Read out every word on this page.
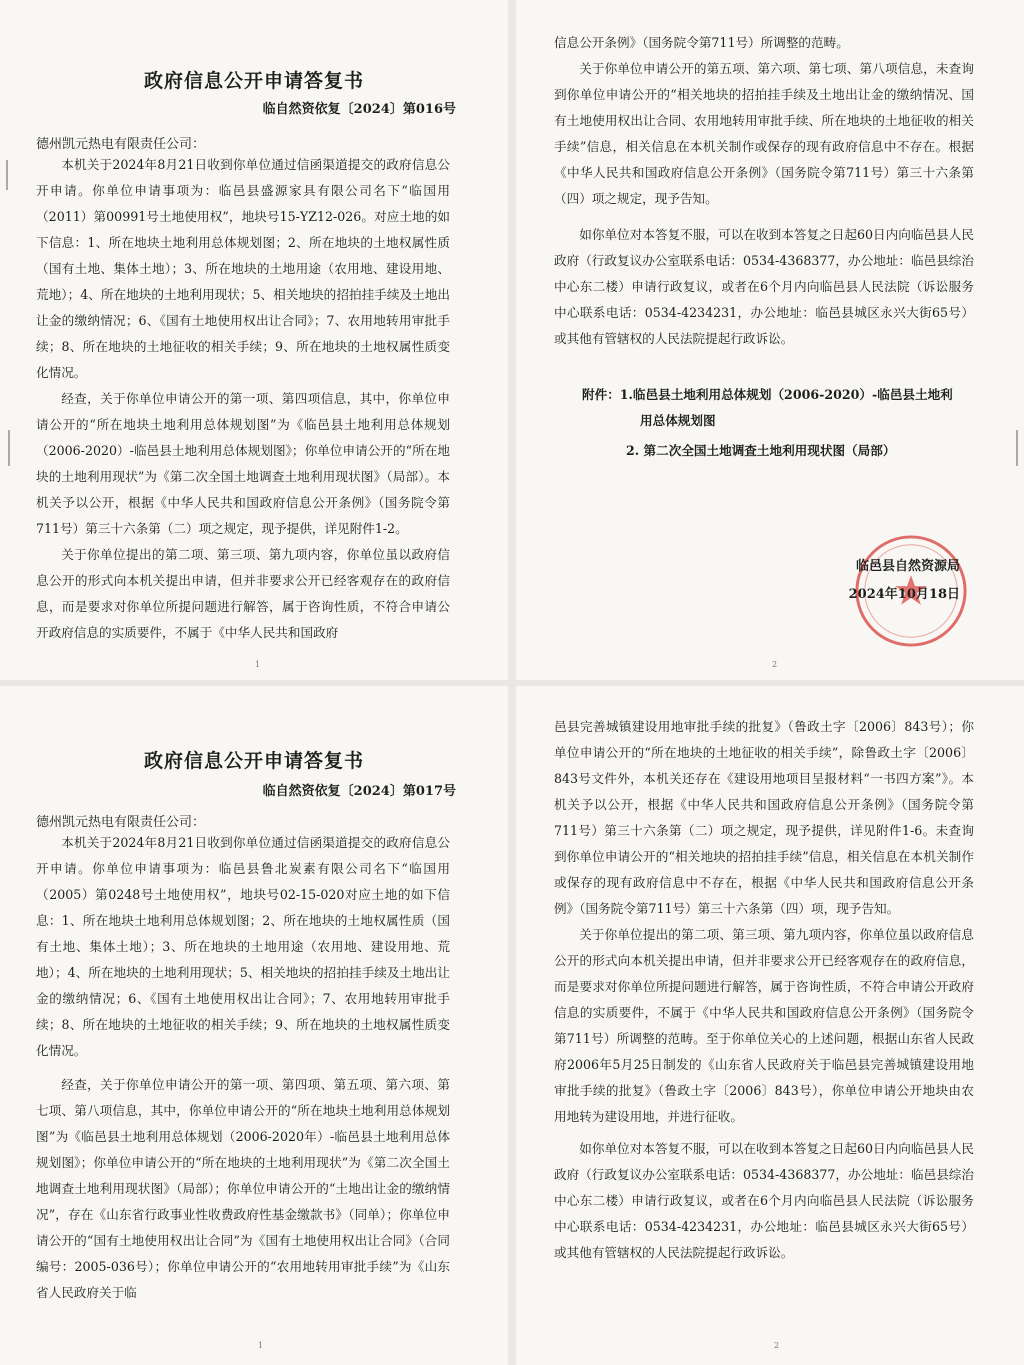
政府信息公开申请答复书
临自然资依复〔2024〕第016号
德州凯元热电有限责任公司：

本机关于2024年8月21日收到你单位通过信函渠道提交的政府信息公开申请。你单位申请事项为：临邑县盛源家具有限公司名下“临国用（2011）第00991号土地使用权”，地块号15-YZ12-026。对应土地的如下信息：1、所在地块土地利用总体规划图；2、所在地块的土地权属性质（国有土地、集体土地）；3、所在地块的土地用途（农用地、建设用地、荒地）；4、所在地块的土地利用现状；5、相关地块的招拍挂手续及土地出让金的缴纳情况；6、《国有土地使用权出让合同》；7、农用地转用审批手续；8、所在地块的土地征收的相关手续；9、所在地块的土地权属性质变化情况。

经查，关于你单位申请公开的第一项、第四项信息，其中，你单位申请公开的“所在地块土地利用总体规划图”为《临邑县土地利用总体规划（2006-2020）-临邑县土地利用总体规划图》；你单位申请公开的“所在地块的土地利用现状”为《第二次全国土地调查土地利用现状图》（局部）。本机关予以公开，根据《中华人民共和国政府信息公开条例》（国务院令第711号）第三十六条第（二）项之规定，现予提供，详见附件1-2。

关于你单位提出的第二项、第三项、第九项内容，你单位虽以政府信息公开的形式向本机关提出申请，但并非要求公开已经客观存在的政府信息，而是要求对你单位所提问题进行解答，属于咨询性质，不符合申请公开政府信息的实质要件，不属于《中华人民共和国政府

1

信息公开条例》（国务院令第711号）所调整的范畴。

关于你单位申请公开的第五项、第六项、第七项、第八项信息，未查询到你单位申请公开的“相关地块的招拍挂手续及土地出让金的缴纳情况、国有土地使用权出让合同、农用地转用审批手续、所在地块的土地征收的相关手续”信息，相关信息在本机关制作或保存的现有政府信息中不存在。根据《中华人民共和国政府信息公开条例》（国务院令第711号）第三十六条第（四）项之规定，现予告知。

如你单位对本答复不服，可以在收到本答复之日起60日内向临邑县人民政府（行政复议办公室联系电话：0534-4368377，办公地址：临邑县综治中心东二楼）申请行政复议，或者在6个月内向临邑县人民法院（诉讼服务中心联系电话：0534-4234231，办公地址：临邑县城区永兴大街65号）或其他有管辖权的人民法院提起行政诉讼。

附件：1.临邑县土地利用总体规划（2006-2020）-临邑县土地利
用总体规划图
2. 第二次全国土地调查土地利用现状图（局部）
临邑县自然资源局
2024年10月18日
2
政府信息公开申请答复书
临自然资依复〔2024〕第017号
德州凯元热电有限责任公司：

本机关于2024年8月21日收到你单位通过信函渠道提交的政府信息公开申请。你单位申请事项为：临邑县鲁北炭素有限公司名下“临国用（2005）第0248号土地使用权”，地块号02-15-020对应土地的如下信息：1、所在地块土地利用总体规划图；2、所在地块的土地权属性质（国有土地、集体土地）；3、所在地块的土地用途（农用地、建设用地、荒地）；4、所在地块的土地利用现状；5、相关地块的招拍挂手续及土地出让金的缴纳情况；6、《国有土地使用权出让合同》；7、农用地转用审批手续；8、所在地块的土地征收的相关手续；9、所在地块的土地权属性质变化情况。

经查，关于你单位申请公开的第一项、第四项、第五项、第六项、第七项、第八项信息，其中，你单位申请公开的“所在地块土地利用总体规划图”为《临邑县土地利用总体规划（2006-2020年）-临邑县土地利用总体规划图》；你单位申请公开的“所在地块的土地利用现状”为《第二次全国土地调查土地利用现状图》（局部）；你单位申请公开的“土地出让金的缴纳情况”，存在《山东省行政事业性收费政府性基金缴款书》（同单）；你单位申请公开的“国有土地使用权出让合同”为《国有土地使用权出让合同》（合同编号：2005-036号）；你单位申请公开的“农用地转用审批手续”为《山东省人民政府关于临

1

邑县完善城镇建设用地审批手续的批复》（鲁政土字〔2006〕843号）；你单位申请公开的“所在地块的土地征收的相关手续”，除鲁政土字〔2006〕843号文件外，本机关还存在《建设用地项目呈报材料“一书四方案”》。本机关予以公开，根据《中华人民共和国政府信息公开条例》（国务院令第711号）第三十六条第（二）项之规定，现予提供，详见附件1-6。未查询到你单位申请公开的“相关地块的招拍挂手续”信息，相关信息在本机关制作或保存的现有政府信息中不存在，根据《中华人民共和国政府信息公开条例》（国务院令第711号）第三十六条第（四）项，现予告知。

关于你单位提出的第二项、第三项、第九项内容，你单位虽以政府信息公开的形式向本机关提出申请，但并非要求公开已经客观存在的政府信息，而是要求对你单位所提问题进行解答，属于咨询性质，不符合申请公开政府信息的实质要件，不属于《中华人民共和国政府信息公开条例》（国务院令第711号）所调整的范畴。至于你单位关心的上述问题，根据山东省人民政府2006年5月25日制发的《山东省人民政府关于临邑县完善城镇建设用地审批手续的批复》（鲁政土字〔2006〕843号），你单位申请公开地块由农用地转为建设用地，并进行征收。

如你单位对本答复不服，可以在收到本答复之日起60日内向临邑县人民政府（行政复议办公室联系电话：0534-4368377，办公地址：临邑县综治中心东二楼）申请行政复议，或者在6个月内向临邑县人民法院（诉讼服务中心联系电话：0534-4234231，办公地址：临邑县城区永兴大街65号）或其他有管辖权的人民法院提起行政诉讼。

2
